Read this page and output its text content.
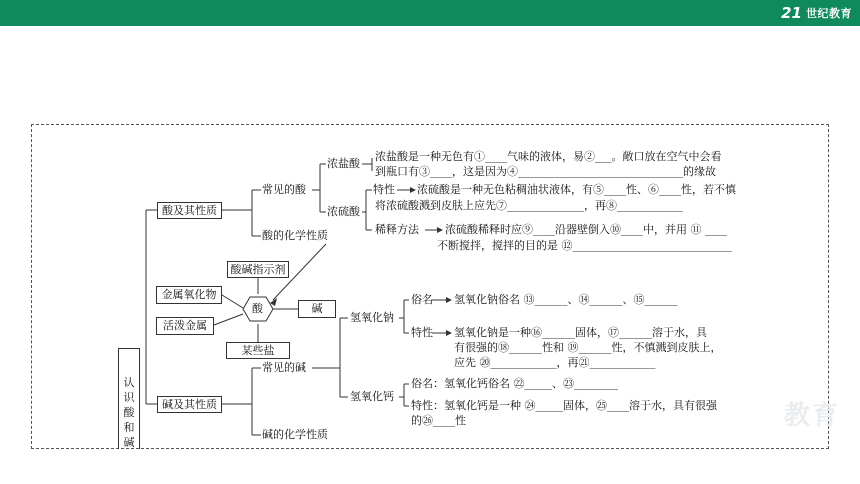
21 世纪教育
教育
认识酸和碱
酸及其性质
常见的酸
浓盐酸
浓硫酸
浓盐酸是一种无色有①____气味的液体，易②___。敞口放在空气中会看
到瓶口有③____，这是因为④______________________________的缘故
特性 浓硫酸是一种无色粘稠油状液体，有⑤____性、⑥____性，若不慎
将浓硫酸溅到皮肤上应先⑦______________，再⑧____________
稀释方法 浓硫酸稀释时应⑨____沿器壁倒入⑩____中，并用 ⑪ ____
不断搅拌，搅拌的目的是 ⑫_____________________________
酸的化学性质
酸碱指示剂
金属氧化物
活泼金属
酸	碱
某些盐
碱及其性质
常见的碱
碱的化学性质
氢氧化钠
俗名 氢氧化钠俗名 ⑬______、⑭______、⑮______
特性 氢氧化钠是一种⑯______固体，⑰______溶于水，具
有很强的⑱______性和 ⑲______性，不慎溅到皮肤上，
应先 ⑳____________，再㉑____________
氢氧化钙
俗名：氢氧化钙俗名 ㉒_____、㉓________
特性：氢氧化钙是一种 ㉔_____固体，㉕____溶于水，具有很强
的㉖____性
